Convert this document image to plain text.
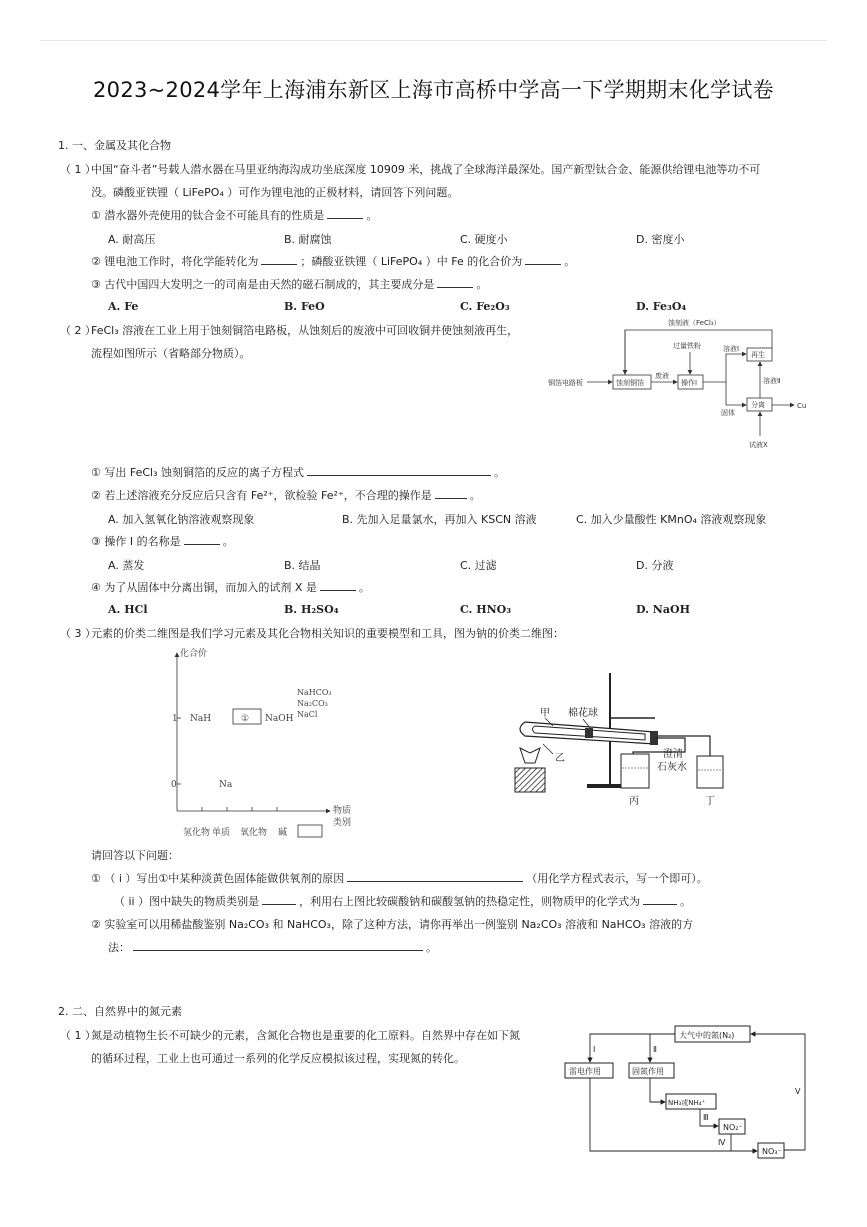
2023~2024学年上海浦东新区上海市高桥中学高一下学期期末化学试卷
1. 一、金属及其化合物
（ 1 ）
中国“奋斗者”号载人潜水器在马里亚纳海沟成功坐底深度 10909 米，挑战了全球海洋最深处。国产新型钛合金、能源供给锂电池等功不可
没。磷酸亚铁锂（ LiFePO₄ ）可作为锂电池的正极材料，请回答下列问题。
① 潜水器外壳使用的钛合金不可能具有的性质是	。
A. 耐高压	B. 耐腐蚀	C. 硬度小	D. 密度小
② 锂电池工作时，将化学能转化为	；磷酸亚铁锂（ LiFePO₄ ）中 Fe 的化合价为	。
③ 古代中国四大发明之一的司南是由天然的磁石制成的，其主要成分是	。
A. Fe	B. FeO	C. Fe₂O₃	D. Fe₃O₄
（ 2 ）
FeCl₃ 溶液在工业上用于蚀刻铜箔电路板，从蚀刻后的废液中可回收铜并使蚀刻液再生，
流程如图所示（省略部分物质）。
蚀刻液（FeCl₃）
过量铁粉
铜箔电路板	蚀刻铜箔
废液
操作Ⅰ
溶液Ⅰ
固体
再生
分离
溶液Ⅱ
Cu
试液X
① 写出 FeCl₃ 蚀刻铜箔的反应的离子方程式	。
② 若上述溶液充分反应后只含有 Fe²⁺，欲检验 Fe²⁺，不合理的操作是	。
A. 加入氢氧化钠溶液观察现象	B. 先加入足量氯水，再加入 KSCN 溶液	C. 加入少量酸性 KMnO₄ 溶液观察现象
③ 操作 Ⅰ 的名称是	。
A. 蒸发	B. 结晶	C. 过滤	D. 分液
④ 为了从固体中分离出铜，而加入的试剂 X 是	。
A. HCl	B. H₂SO₄	C. HNO₃	D. NaOH
（ 3 ）
元素的价类二维图是我们学习元素及其化合物相关知识的重要模型和工具，图为钠的价类二维图：
化合价
物质
类别
1
0
NaH	① NaOH
NaHCO₃
Na₂CO₃
NaCl
Na
氢化物 单质 氧化物 碱
甲 棉花球
乙	澄清
石灰水
丙	丁
请回答以下问题：
① （ i ）写出①中某种淡黄色固体能做供氧剂的原因	（用化学方程式表示，写一个即可）。
（ ii ）图中缺失的物质类别是	，利用右上图比较碳酸钠和碳酸氢钠的热稳定性，则物质甲的化学式为	。
② 实验室可以用稀盐酸鉴别 Na₂CO₃ 和 NaHCO₃，除了这种方法，请你再举出一例鉴别 Na₂CO₃ 溶液和 NaHCO₃ 溶液的方
法：	。
2. 二、自然界中的氮元素
（ 1 ）
氮是动植物生长不可缺少的元素，含氮化合物也是重要的化工原料。自然界中存在如下氮
的循环过程，工业上也可通过一系列的化学反应模拟该过程，实现氮的转化。
大气中的氮(N₂)
Ⅰ	Ⅱ
雷电作用	固氮作用
NH₃或NH₄⁺
Ⅲ
NO₂⁻
Ⅳ
NO₃⁻
Ⅴ
